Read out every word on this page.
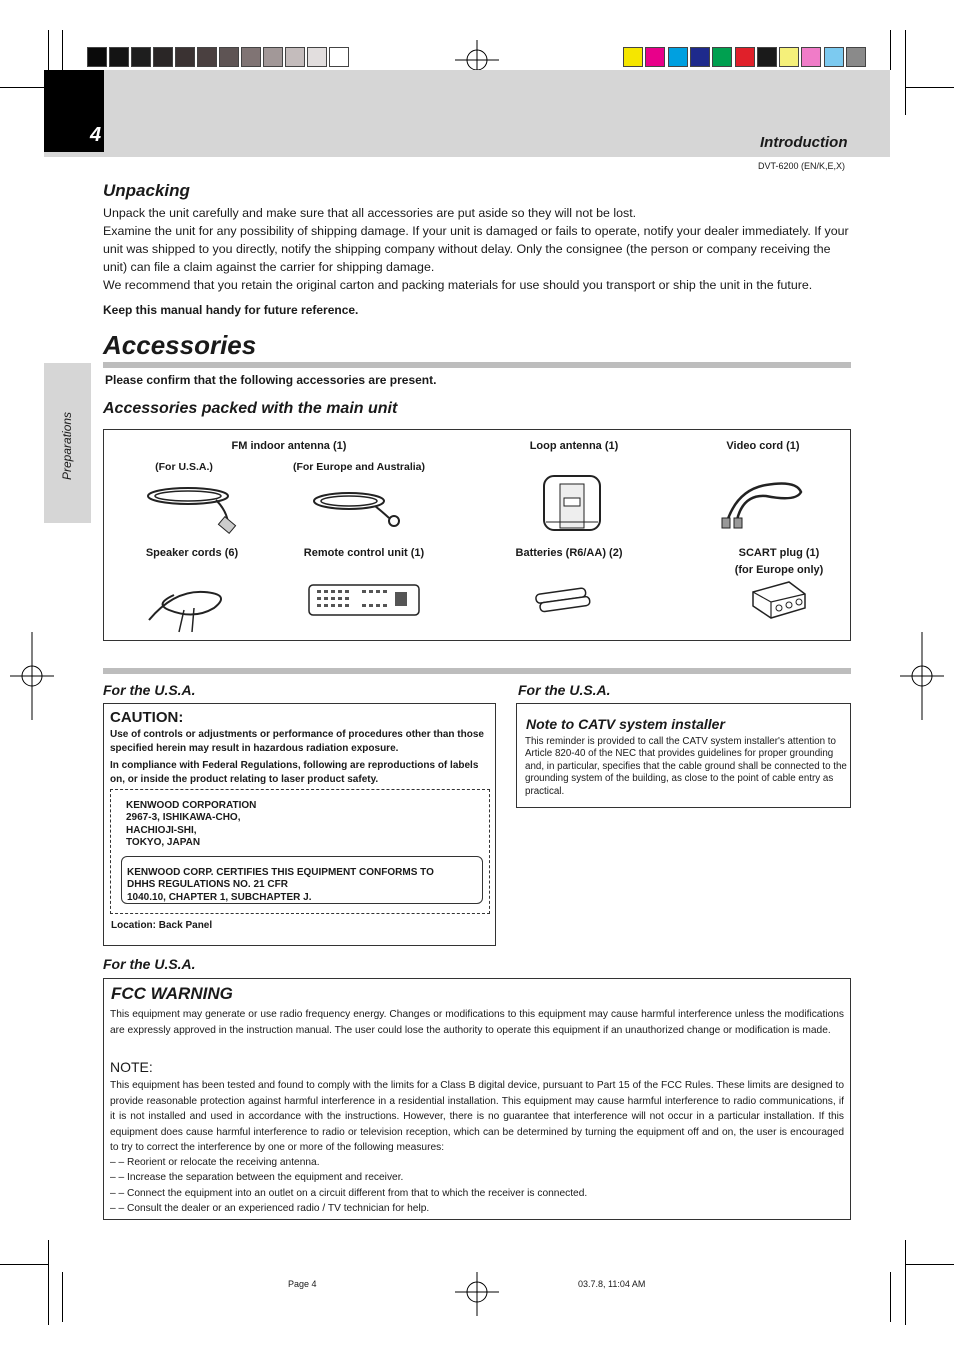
4	Introduction
DVT-6200 (EN/K,E,X)
Preparations
Unpacking
Unpack the unit carefully and make sure that all accessories are put aside so they will not be lost.
Examine the unit for any possibility of shipping damage. If your unit is damaged or fails to operate, notify your dealer immediately. If your unit was shipped to you directly, notify the shipping company without delay. Only the consignee (the person or company receiving the unit) can file a claim against the carrier for shipping damage.
We recommend that you retain the original carton and packing materials for use should you transport or ship the unit in the future.
Keep this manual handy for future reference.
Accessories
Please confirm that the following accessories are present.
Accessories packed with the main unit
FM indoor antenna (1)
(For U.S.A.)	(For Europe and Australia)
Loop antenna (1)	Video cord (1)
Speaker cords (6)	Remote control unit (1)	Batteries (R6/AA) (2)	SCART plug (1)
(for Europe only)
For the U.S.A.
CAUTION:
Use of controls or adjustments or performance of procedures other than those specified herein may result in hazardous radiation exposure.
In compliance with Federal Regulations, following are reproductions of labels on, or inside the product relating to laser product safety.
KENWOOD CORPORATION
2967-3, ISHIKAWA-CHO,
HACHIOJI-SHI,
TOKYO, JAPAN
KENWOOD CORP. CERTIFIES THIS EQUIPMENT CONFORMS TO
DHHS REGULATIONS NO. 21 CFR
1040.10, CHAPTER 1, SUBCHAPTER J.
Location: Back Panel
For the U.S.A.
Note to CATV system installer
This reminder is provided to call the CATV system installer's attention to Article 820-40 of the NEC that provides guidelines for proper grounding and, in particular, specifies that the cable ground shall be connected to the grounding system of the building, as close to the point of cable entry as practical.
For the U.S.A.
FCC WARNING
This equipment may generate or use radio frequency energy. Changes or modifications to this equipment may cause harmful interference unless the modifications are expressly approved in the instruction manual. The user could lose the authority to operate this equipment if an unauthorized change or modification is made.
NOTE:
This equipment has been tested and found to comply with the limits for a Class B digital device, pursuant to Part 15 of the FCC Rules. These limits are designed to provide reasonable protection against harmful interference in a residential installation. This equipment may cause harmful interference to radio communications, if it is not installed and used in accordance with the instructions. However, there is no guarantee that interference will not occur in a particular installation. If this equipment does cause harmful interference to radio or television reception, which can be determined by turning the equipment off and on, the user is encouraged to try to correct the interference by one or more of the following measures:
– – Reorient or relocate the receiving antenna.
– – Increase the separation between the equipment and receiver.
– – Connect the equipment into an outlet on a circuit different from that to which the receiver is connected.
– – Consult the dealer or an experienced radio / TV technician for help.
Page 4	03.7.8, 11:04 AM
